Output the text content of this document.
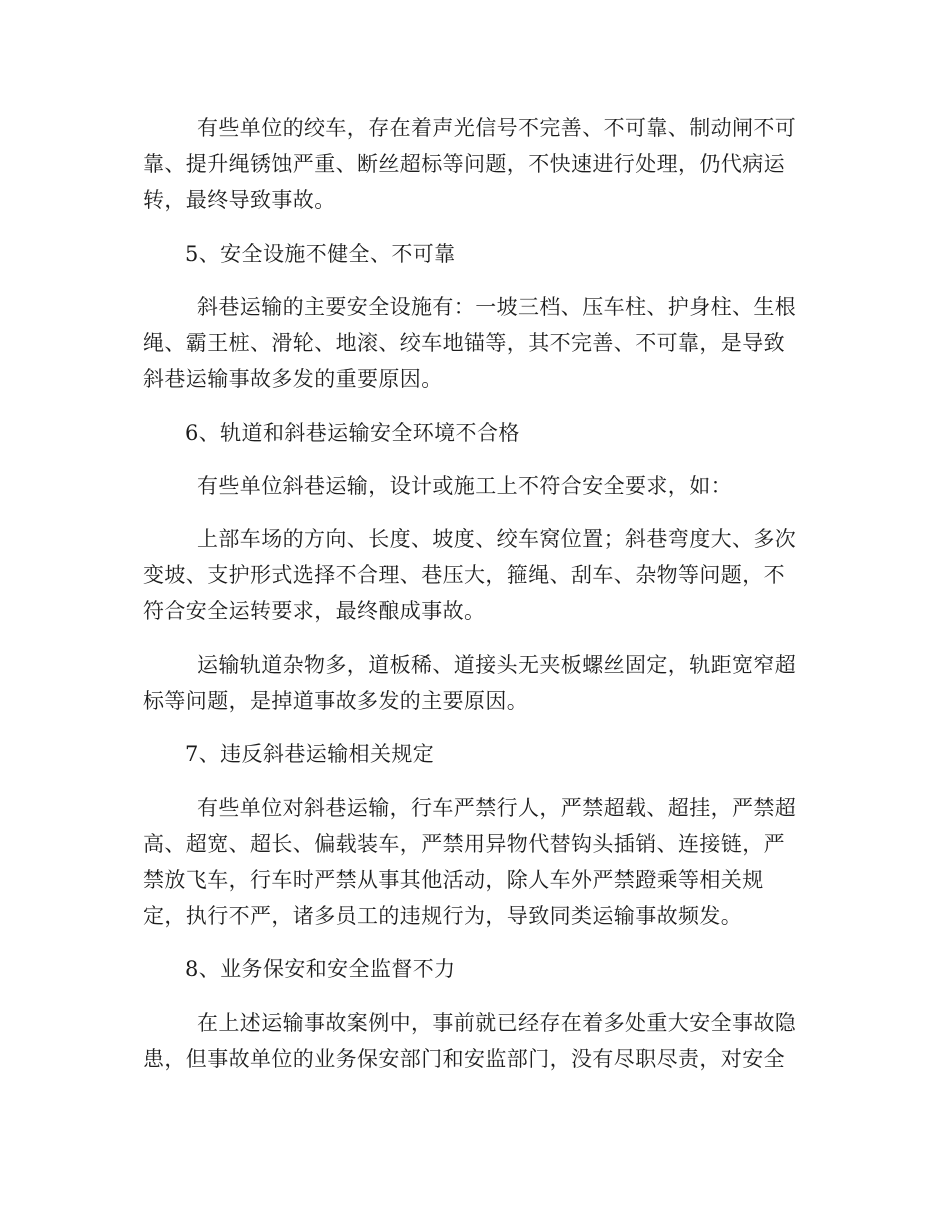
有些单位的绞车，存在着声光信号不完善、不可靠、制动闸不可

靠、提升绳锈蚀严重、断丝超标等问题，不快速进行处理，仍代病运

转，最终导致事故。

5、安全设施不健全、不可靠

斜巷运输的主要安全设施有：一坡三档、压车柱、护身柱、生根

绳、霸王桩、滑轮、地滚、绞车地锚等，其不完善、不可靠，是导致

斜巷运输事故多发的重要原因。

6、轨道和斜巷运输安全环境不合格

有些单位斜巷运输，设计或施工上不符合安全要求，如：

上部车场的方向、长度、坡度、绞车窝位置；斜巷弯度大、多次

变坡、支护形式选择不合理、巷压大，箍绳、刮车、杂物等问题，不

符合安全运转要求，最终酿成事故。

运输轨道杂物多，道板稀、道接头无夹板螺丝固定，轨距宽窄超

标等问题，是掉道事故多发的主要原因。

7、违反斜巷运输相关规定

有些单位对斜巷运输，行车严禁行人，严禁超载、超挂，严禁超

高、超宽、超长、偏载装车，严禁用异物代替钩头插销、连接链，严

禁放飞车，行车时严禁从事其他活动，除人车外严禁蹬乘等相关规

定，执行不严，诸多员工的违规行为，导致同类运输事故频发。

8、业务保安和安全监督不力

在上述运输事故案例中，事前就已经存在着多处重大安全事故隐

患，但事故单位的业务保安部门和安监部门，没有尽职尽责，对安全
